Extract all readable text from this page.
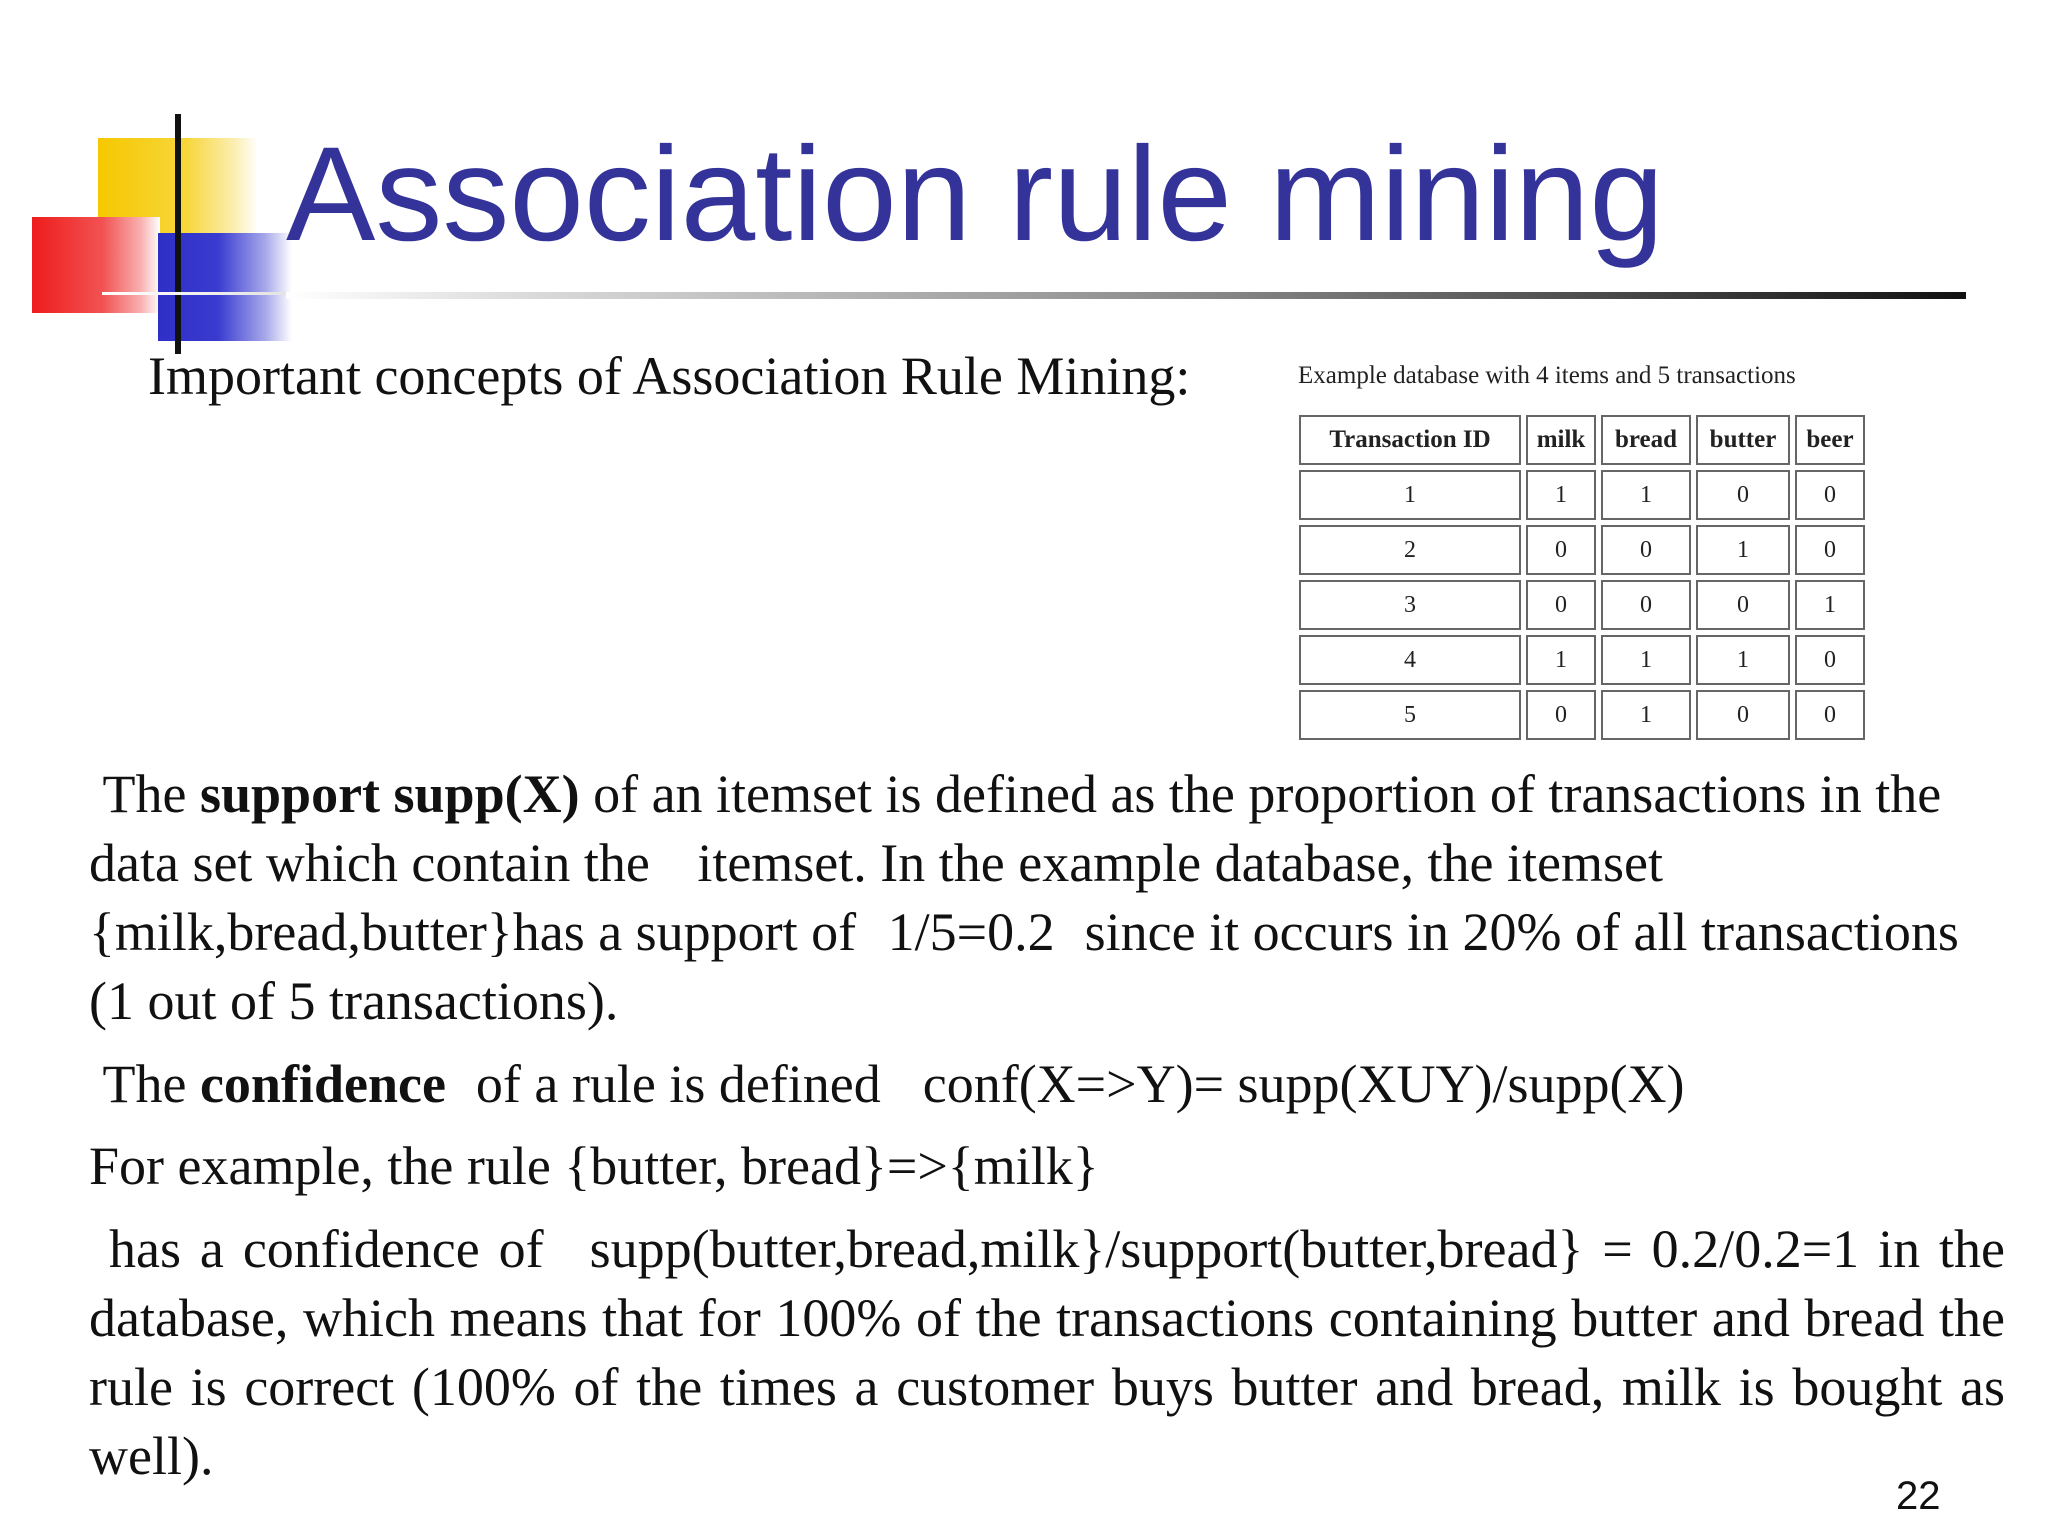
Association rule mining
Important concepts of Association Rule Mining:	Example database with 4 items and 5 transactions
Transaction ID	milk	bread	butter	beer
1	1	1	0	0
2	0	0	1	0
3	0	0	0	1
4	1	1	1	0
5	0	1	0	0

The support supp(X) of an itemset is defined as the proportion of transactions in the data set which contain the itemset. In the example database, the itemset {milk,bread,butter}has a support of 1/5=0.2 since it occurs in 20% of all transactions (1 out of 5 transactions).

The confidence of a rule is defined conf(X=>Y)= supp(XUY)/supp(X)

For example, the rule {butter, bread}=>{milk}

has a confidence of supp(butter,bread,milk}/support(butter,bread} = 0.2/0.2=1 in the database, which means that for 100% of the transactions containing butter and bread the rule is correct (100% of the times a customer buys butter and bread, milk is bought as well).

22
